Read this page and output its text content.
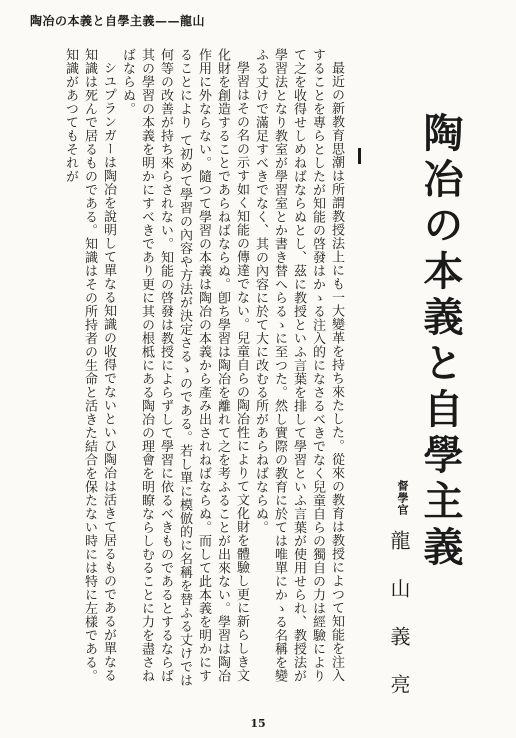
陶冶の本義と自學主義——龍山
陶冶の本義と自學主義
督學官
龍山義亮

最近の新教育思潮は所謂教授法上にも一大變革を持ち來たした。從來の教育は教授によつて知能を注入することを專らとしたが知能の啓發はかゝる注入的になさるべきでなく兒童自らの獨自の力は經驗によりて之を收得せしめねばならぬとし、茲に教授といふ言葉を排して學習といふ言葉が使用せられ、教授法が學習法となり教室が學習室とか書き替へらるゝに至つた。然し實際の教育に於ては唯單にかゝる名稱を變ふる丈けで滿足すべきでなく、其の內容に於て大に改むる所があらねばならぬ。

學習はその名の示す如く知能の傳達でない。兒童自らの陶冶性によりて文化財を體驗し更に新らしき文化財を創造することであらねばならぬ。卽ち學習は陶冶を離れて之を考ふることが出來ない。學習は陶冶作用に外ならない。隨つて學習の本義は陶冶の本義から產み出されねばならぬ。而して此本義を明かにすることにより て初めて學習の內容や方法が決定さるゝのである。若し單に模倣的に名稱を替ふる丈けでは何等の改善が持ち來らされない。知能の啓發は教授によらずして學習に依るべきものであるとするならば其の學習の本義を明かにすべきであり更に其の根柢にある陶冶の理會を明瞭ならしむることに力を盡さねばならぬ。

シユプランガーは陶冶を說明して單なる知識の收得でないといひ陶冶は活きて居るものであるが單なる知識は死んで居るものである。知識はその所持者の生命と活きた結合を保たない時には特に左樣である。知識があつてもそれが

15
